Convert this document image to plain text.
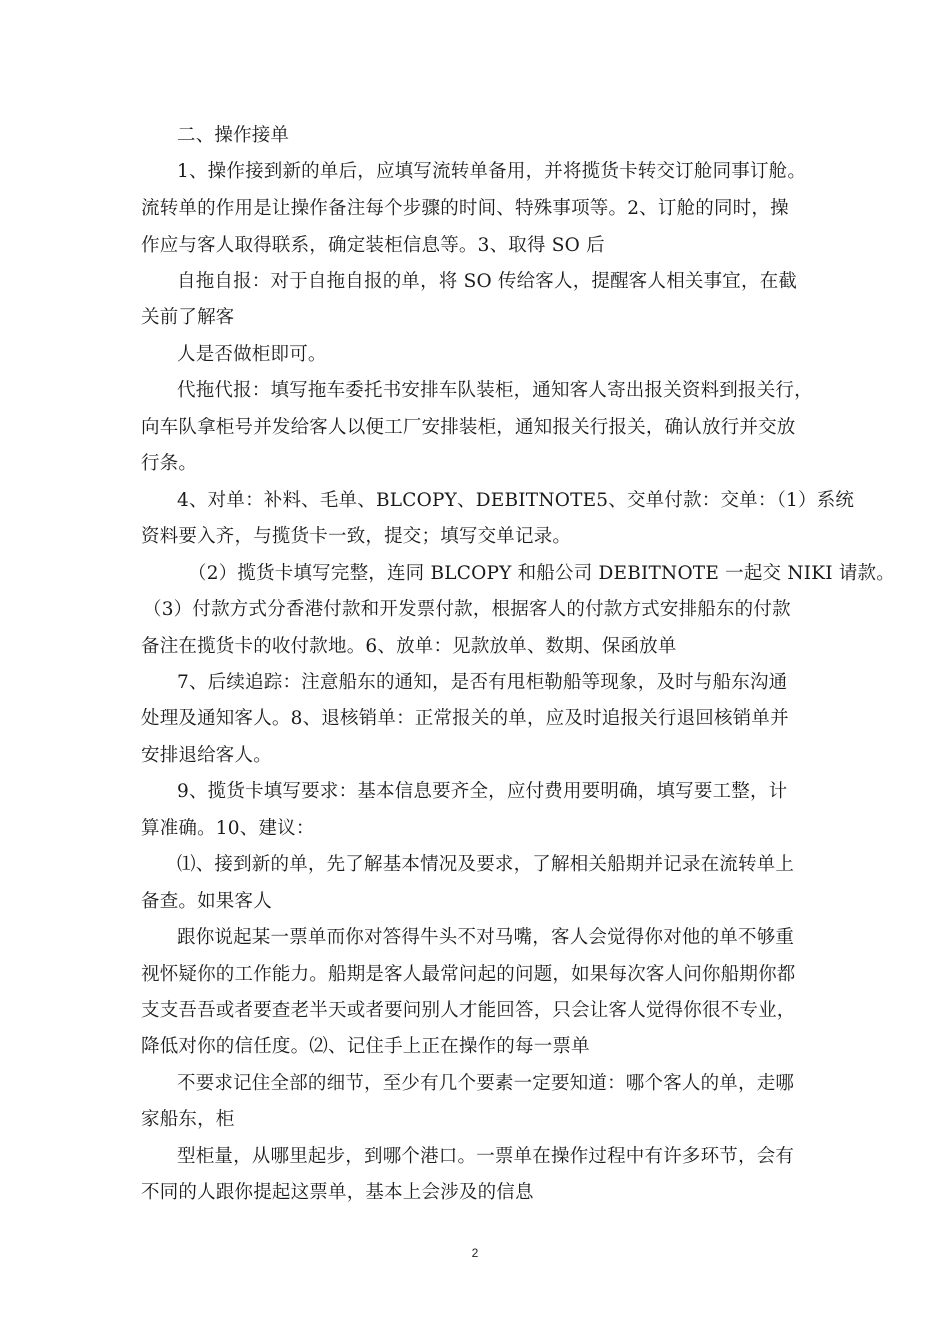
二、操作接单
1、操作接到新的单后，应填写流转单备用，并将揽货卡转交订舱同事订舱。
流转单的作用是让操作备注每个步骤的时间、特殊事项等。2、订舱的同时，操
作应与客人取得联系，确定装柜信息等。3、取得 SO 后
自拖自报：对于自拖自报的单，将 SO 传给客人，提醒客人相关事宜，在截
关前了解客
人是否做柜即可。
代拖代报：填写拖车委托书安排车队装柜，通知客人寄出报关资料到报关行，
向车队拿柜号并发给客人以便工厂安排装柜，通知报关行报关，确认放行并交放
行条。
4、对单：补料、毛单、BLCOPY、DEBITNOTE5、交单付款：交单：（1）系统
资料要入齐，与揽货卡一致，提交；填写交单记录。
（2）揽货卡填写完整，连同 BLCOPY 和船公司 DEBITNOTE 一起交 NIKI 请款。
（3）付款方式分香港付款和开发票付款，根据客人的付款方式安排船东的付款
备注在揽货卡的收付款地。6、放单：见款放单、数期、保函放单
7、后续追踪：注意船东的通知，是否有甩柜勒船等现象，及时与船东沟通
处理及通知客人。8、退核销单：正常报关的单，应及时追报关行退回核销单并
安排退给客人。
9、揽货卡填写要求：基本信息要齐全，应付费用要明确，填写要工整，计
算准确。10、建议：
⑴、接到新的单，先了解基本情况及要求，了解相关船期并记录在流转单上
备查。如果客人
跟你说起某一票单而你对答得牛头不对马嘴，客人会觉得你对他的单不够重
视怀疑你的工作能力。船期是客人最常问起的问题，如果每次客人问你船期你都
支支吾吾或者要查老半天或者要问别人才能回答，只会让客人觉得你很不专业，
降低对你的信任度。⑵、记住手上正在操作的每一票单
不要求记住全部的细节，至少有几个要素一定要知道：哪个客人的单，走哪
家船东，柜
型柜量，从哪里起步，到哪个港口。一票单在操作过程中有许多环节，会有
不同的人跟你提起这票单，基本上会涉及的信息
2
